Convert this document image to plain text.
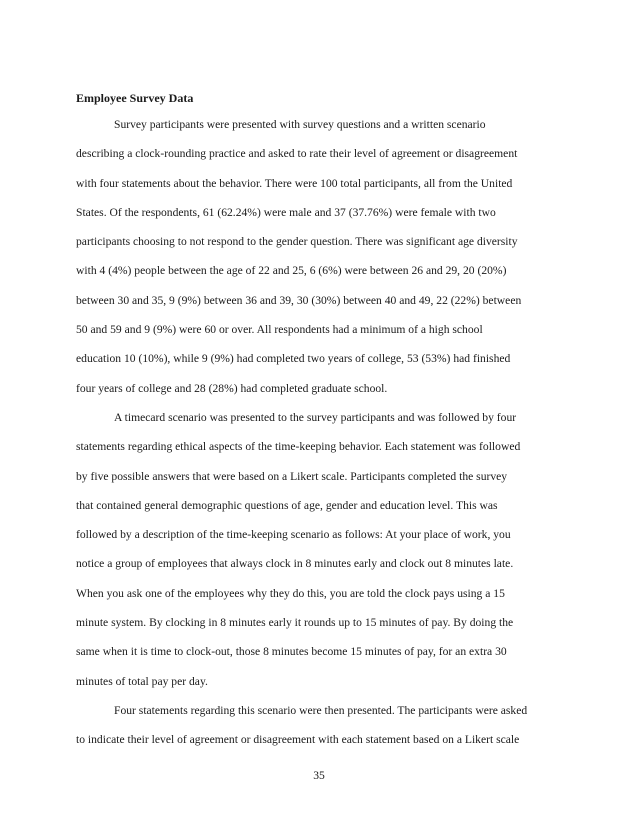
Employee Survey Data

Survey participants were presented with survey questions and a written scenario
describing a clock-rounding practice and asked to rate their level of agreement or disagreement
with four statements about the behavior. There were 100 total participants, all from the United
States. Of the respondents, 61 (62.24%) were male and 37 (37.76%) were female with two
participants choosing to not respond to the gender question. There was significant age diversity
with 4 (4%) people between the age of 22 and 25, 6 (6%) were between 26 and 29, 20 (20%)
between 30 and 35, 9 (9%) between 36 and 39, 30 (30%) between 40 and 49, 22 (22%) between
50 and 59 and 9 (9%) were 60 or over. All respondents had a minimum of a high school
education 10 (10%), while 9 (9%) had completed two years of college, 53 (53%) had finished
four years of college and 28 (28%) had completed graduate school.

A timecard scenario was presented to the survey participants and was followed by four
statements regarding ethical aspects of the time-keeping behavior. Each statement was followed
by five possible answers that were based on a Likert scale. Participants completed the survey
that contained general demographic questions of age, gender and education level. This was
followed by a description of the time-keeping scenario as follows: At your place of work, you
notice a group of employees that always clock in 8 minutes early and clock out 8 minutes late.
When you ask one of the employees why they do this, you are told the clock pays using a 15
minute system. By clocking in 8 minutes early it rounds up to 15 minutes of pay. By doing the
same when it is time to clock-out, those 8 minutes become 15 minutes of pay, for an extra 30
minutes of total pay per day.

Four statements regarding this scenario were then presented. The participants were asked
to indicate their level of agreement or disagreement with each statement based on a Likert scale

35
